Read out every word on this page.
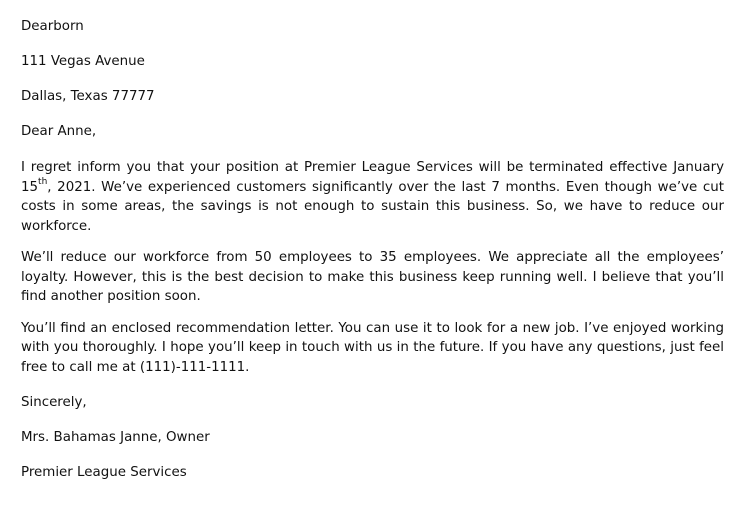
Dearborn
111 Vegas Avenue
Dallas, Texas 77777
Dear Anne,

I regret inform you that your position at Premier League Services will be terminated effective January 15th, 2021. We’ve experienced customers significantly over the last 7 months. Even though we’ve cut costs in some areas, the savings is not enough to sustain this business. So, we have to reduce our workforce.

We’ll reduce our workforce from 50 employees to 35 employees. We appreciate all the employees’ loyalty. However, this is the best decision to make this business keep running well. I believe that you’ll find another position soon.

You’ll find an enclosed recommendation letter. You can use it to look for a new job. I’ve enjoyed working with you thoroughly. I hope you’ll keep in touch with us in the future. If you have any questions, just feel free to call me at (111)-111-1111.

Sincerely,
Mrs. Bahamas Janne, Owner
Premier League Services
